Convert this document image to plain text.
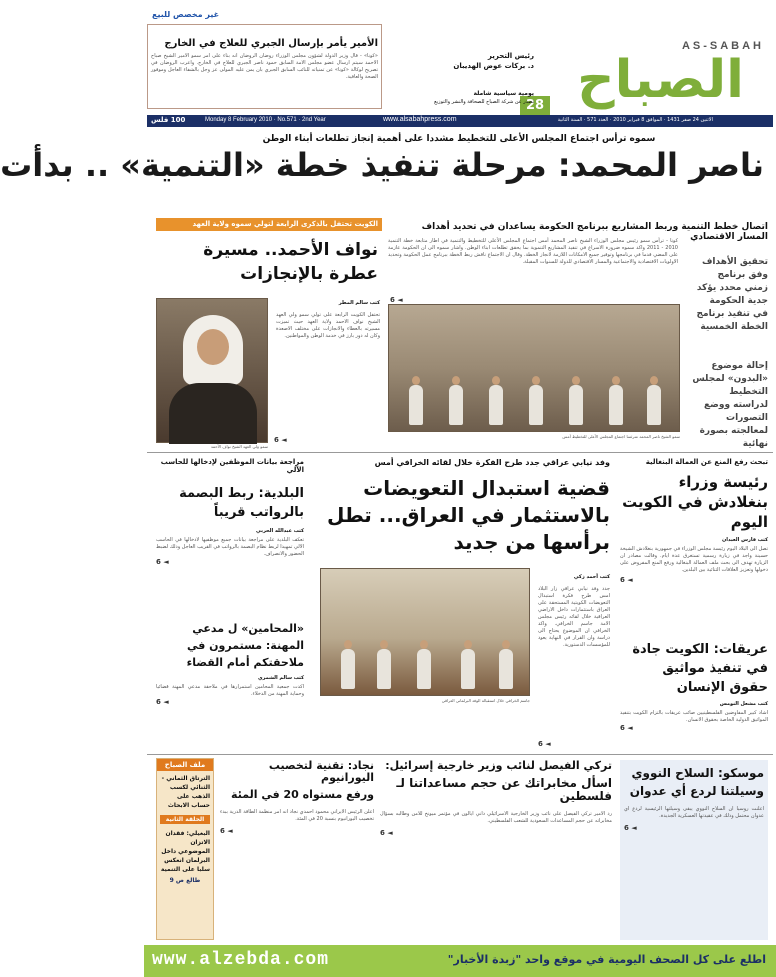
AS-SABAH
الصباح
28
رئيس التحرير
د. بركات عوض الهديبان
يومية سياسية شاملة
تصدر عن شركة الصباح للصحافة والنشر والتوزيع
الأمير يأمر بإرسال الجبري للعلاج في الخارج
«كونا» - قال وزير الدولة لشؤون مجلس الوزراء روضان الروضان انه بناء على امر سمو الامير الشيخ صباح الاحمد سيتم ارسال عضو مجلس الامة السابق حمود ناصر الجبري للعلاج في الخارج. واعرب الروضان في تصريح لوكالة «كونا» عن تمنياته للنائب السابق الجبري بان يمن عليه المولى عز وجل بالشفاء العاجل وموفور الصحة والعافية.
غير مخصص للبيع
100 فلس	Monday 8 February 2010 · No.571 · 2nd Year	www.alsabahpress.com	الاثنين 24 صفر 1431 · الموافق 8 فبراير 2010 · العدد 571 · السنة الثانية
سموه ترأس اجتماع المجلس الأعلى للتخطيط مشددا على أهمية إنجاز تطلعات أبناء الوطن
ناصر المحمد: مرحلة تنفيذ خطة «التنمية» .. بدأت
اتصال خطط التنمية وربط المشاريع ببرنامج الحكومة يساعدان في تحديد أهداف المسار الاقتصادي
الكويت تحتفل بالذكرى الرابعة لتولي سموه ولاية العهد
نواف الأحمد.. مسيرة عطرة بالإنجازات
سمو ولي العهد الشيخ نواف الأحمد
كتب سالم المطر
تحتفل الكويت الرابعة على تولي سمو ولي العهد الشيخ نواف الاحمد ولاية العهد حيث تميزت مسيرته بالعطاء والانجازات على مختلف الاصعدة وكان له دور بارز في خدمة الوطن والمواطنين.
◄ 6
كونا - ترأس سمو رئيس مجلس الوزراء الشيخ ناصر المحمد أمس اجتماع المجلس الأعلى للتخطيط والتنمية في اطار متابعة خطة التنمية 2010 - 2011 واكد سموه ضرورة الاسراع في تنفيذ المشاريع التنموية بما يحقق تطلعات ابناء الوطن. واشار سموه الى ان الحكومة عازمة على المضي قدما في برنامجها وتوفير جميع الامكانات اللازمة لانجاز الخطة. وقال ان الاجتماع ناقش ربط الخطة ببرنامج عمل الحكومة وتحديد الاولويات الاقتصادية والاجتماعية والمسار الاقتصادي للدولة للسنوات المقبلة.
سمو الشيخ ناصر المحمد مترئسا اجتماع المجلس الأعلى للتخطيط أمس
◄ 6
تحقيق الأهداف وفق برنامج زمني محدد يؤكد جدية الحكومة في تنفيذ برنامج الخطة الخمسية
إحالة موضوع «البدون» لمجلس التخطيط لدراسته ووضع التصورات لمعالجته بصورة نهائية
تبحث رفع المنع عن العمالة البنغالية
رئيسة وزراء بنغلادش في الكويت اليوم
كتب فارس العبدان
تصل الى البلاد اليوم رئيسة مجلس الوزراء في جمهورية بنغلادش الشيخة حسينة واجد في زيارة رسمية تستغرق عدة ايام. وقالت مصادر ان الزيارة تهدف الى بحث ملف العمالة البنغالية ورفع المنع المفروض على دخولها وتعزيز العلاقات الثنائية بين البلدين.
◄ 6
عريقات: الكويت جادة في تنفيذ مواثيق حقوق الإنسان
كتب مشعل النومس
اشاد كبير المفاوضين الفلسطينيين صائب عريقات بالتزام الكويت بتنفيذ المواثيق الدولية الخاصة بحقوق الانسان.
◄ 6
وفد نيابي عراقي جدد طرح الفكرة خلال لقائه الخرافي أمس
قضية استبدال التعويضات بالاستثمار في العراق... تطل برأسها من جديد
جاسم الخرافي خلال استقباله الوفد البرلماني العراقي
كتب أحمد زكي
جدد وفد نيابي عراقي زار البلاد امس طرح فكرة استبدال التعويضات الكويتية المستحقة على العراق باستثمارات داخل الاراضي العراقية خلال لقائه رئيس مجلس الامة جاسم الخرافي. واكد الخرافي ان الموضوع يحتاج الى دراسة وان القرار في النهاية يعود للمؤسسات الدستورية.
◄ 6
مراجعة بيانات الموظفين لإدخالها للحاسب الآلي
البلدية: ربط البصمة بالرواتب قريباً
كتب عبدالله الحربي
تعكف البلدية على مراجعة بيانات جميع موظفيها لادخالها في الحاسب الالي تمهيدا لربط نظام البصمة بالرواتب في القريب العاجل وذلك لضبط الحضور والانصراف.
◄ 6
«المحامين» ل مدعي المهنة: مستمرون في ملاحقتكم أمام القضاء
كتب سالم الشمري
اكدت جمعية المحامين استمرارها في ملاحقة مدعي المهنة قضائيا وحماية المهنة من الدخلاء.
◄ 6
موسكو: السلاح النووي وسيلتنا لردع أي عدوان
اعلنت روسيا ان السلاح النووي يبقى وسيلتها الرئيسية لردع اي عدوان محتمل وذلك في عقيدتها العسكرية الجديدة.
◄ 6
تركي الفيصل لنائب وزير خارجية إسرائيل:
اسأل مخابراتك عن حجم مساعداتنا لـ فلسطين
رد الامير تركي الفيصل على نائب وزير الخارجية الاسرائيلي داني ايالون في مؤتمر ميونخ للامن وطالبه بسؤال مخابراته عن حجم المساعدات السعودية للشعب الفلسطيني.
◄ 6
نجاد: تقنية لتخصيب اليورانيوم
ورفع مستواه 20 في المئة
اعلن الرئيس الايراني محمود احمدي نجاد انه امر منظمة الطاقة الذرية ببدء تخصيب اليورانيوم بنسبة 20 في المئة.
◄ 6
ملف الصباح
الترتاق الثماني - الثنائي لكسب الذهب على حساب الابحاث
الحلقة الثانية
البغيلي: فقدان الاتزان الموضوعي داخل البرلمان انعكس سلبا على التنمية
طالع ص 9
www.alzebda.com	اطلع على كل الصحف اليومية في موقع واحد "زبدة الأخبار"
